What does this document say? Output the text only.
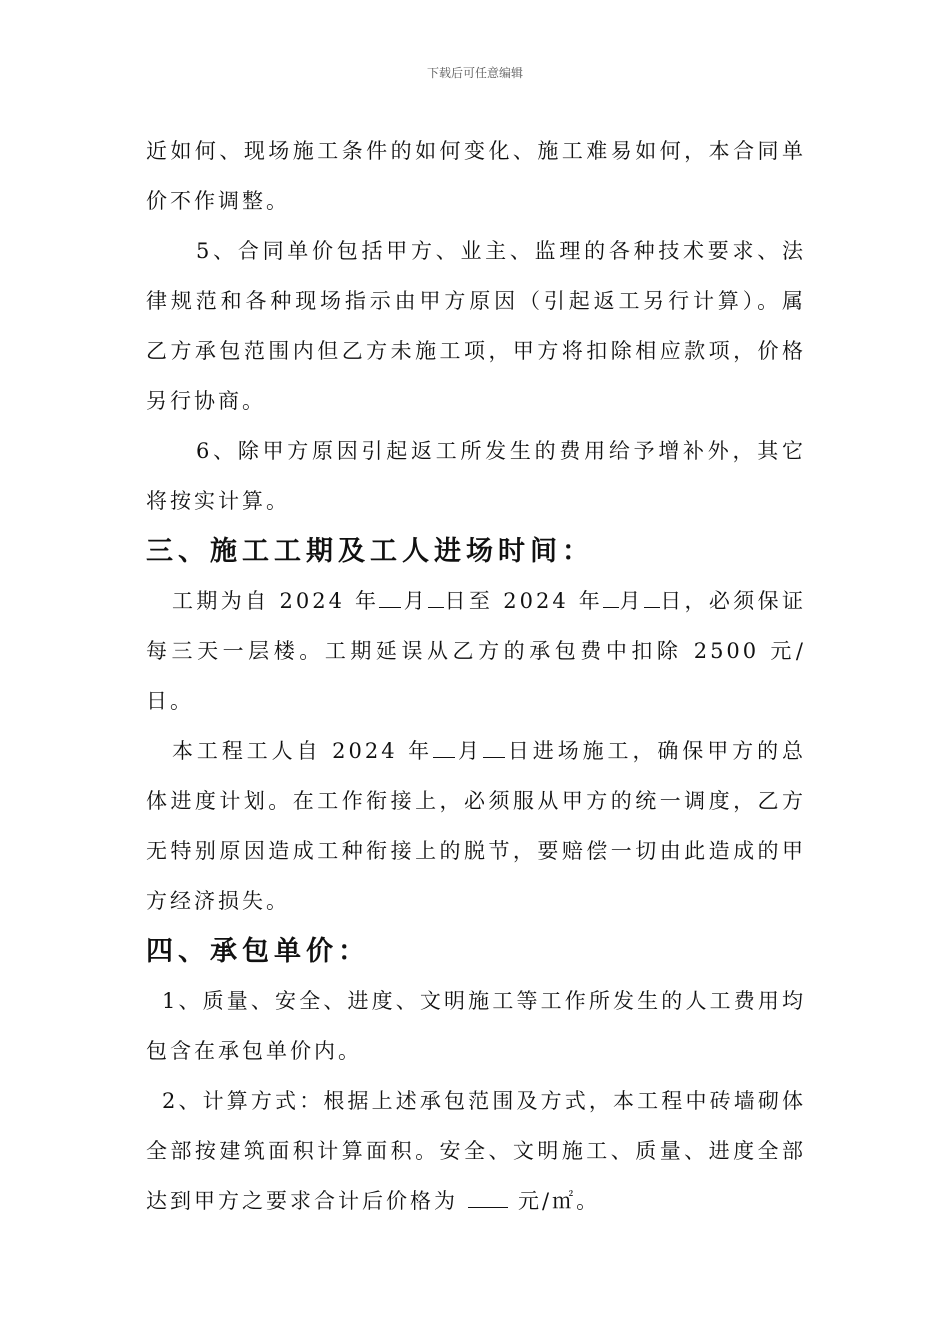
下载后可任意编辑

近如何、现场施工条件的如何变化、施工难易如何，本合同单价不作调整。

5、合同单价包括甲方、业主、监理的各种技术要求、法律规范和各种现场指示由甲方原因（引起返工另行计算）。属乙方承包范围内但乙方未施工项，甲方将扣除相应款项，价格另行协商。

6、除甲方原因引起返工所发生的费用给予增补外，其它将按实计算。

三、施工工期及工人进场时间：

工期为自 2024 年 月 日至 2024 年 月 日，必须保证每三天一层楼。工期延误从乙方的承包费中扣除 2500 元/日。

本工程工人自 2024 年 月 日进场施工，确保甲方的总体进度计划。在工作衔接上，必须服从甲方的统一调度，乙方无特别原因造成工种衔接上的脱节，要赔偿一切由此造成的甲方经济损失。

四、承包单价：

1、质量、安全、进度、文明施工等工作所发生的人工费用均包含在承包单价内。

2、计算方式：根据上述承包范围及方式，本工程中砖墙砌体全部按建筑面积计算面积。安全、文明施工、质量、进度全部达到甲方之要求合计后价格为	元/㎡。
